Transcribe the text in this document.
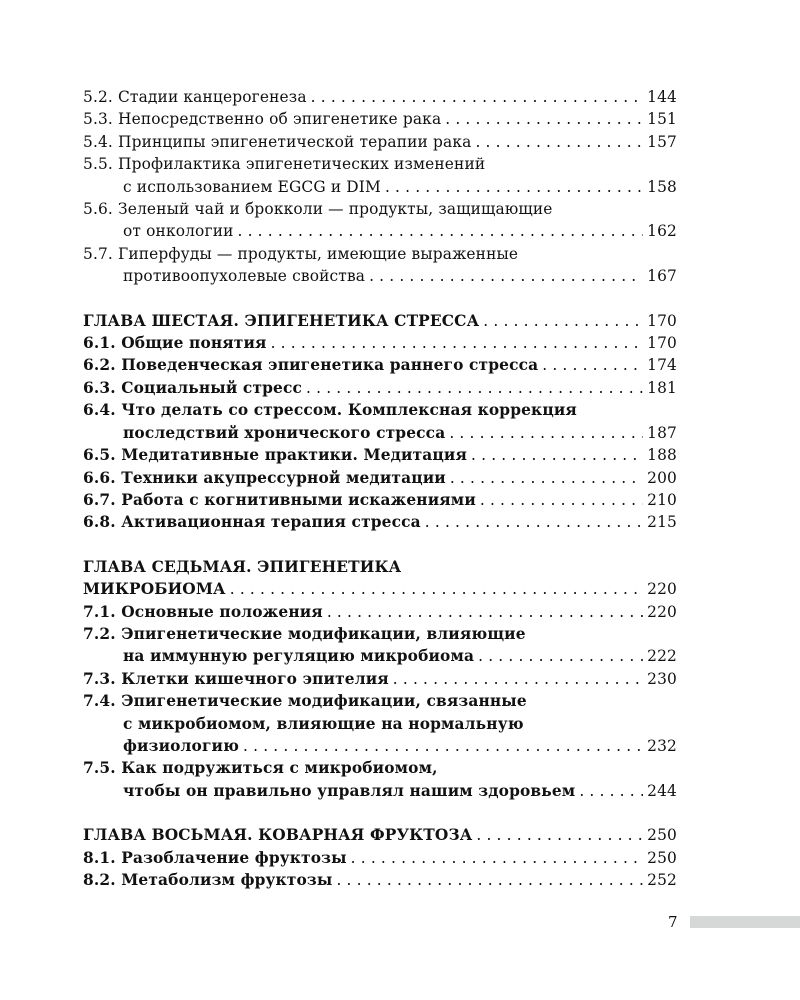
5.2. Стадии канцерогенеза . . .	144
5.3. Непосредственно об эпигенетике рака . . .	151
5.4. Принципы эпигенетической терапии рака . . .	157
5.5. Профилактика эпигенетических изменений
с использованием EGCG и DIM . . .	158
5.6. Зеленый чай и брокколи — продукты, защищающие
от онкологии . . .	162
5.7. Гиперфуды — продукты, имеющие выраженные
противоопухолевые свойства . . .	167
ГЛАВА ШЕСТАЯ. ЭПИГЕНЕТИКА СТРЕССА . . .	170
6.1. Общие понятия . . .	170
6.2. Поведенческая эпигенетика раннего стресса . . .	174
6.3. Социальный стресс . . .	181
6.4. Что делать со стрессом. Комплексная коррекция
последствий хронического стресса . . .	187
6.5. Медитативные практики. Медитация . . .	188
6.6. Техники акупрессурной медитации . . .	200
6.7. Работа с когнитивными искажениями . . .	210
6.8. Активационная терапия стресса . . .	215
ГЛАВА СЕДЬМАЯ. ЭПИГЕНЕТИКА
МИКРОБИОМА . . .	220
7.1. Основные положения . . .	220
7.2. Эпигенетические модификации, влияющие
на иммунную регуляцию микробиома . . .	222
7.3. Клетки кишечного эпителия . . .	230
7.4. Эпигенетические модификации, связанные
с микробиомом, влияющие на нормальную
физиологию . . .	232
7.5. Как подружиться с микробиомом,
чтобы он правильно управлял нашим здоровьем . . .	244
ГЛАВА ВОСЬМАЯ. КОВАРНАЯ ФРУКТОЗА . . .	250
8.1. Разоблачение фруктозы . . .	250
8.2. Метаболизм фруктозы . . .	252
7
